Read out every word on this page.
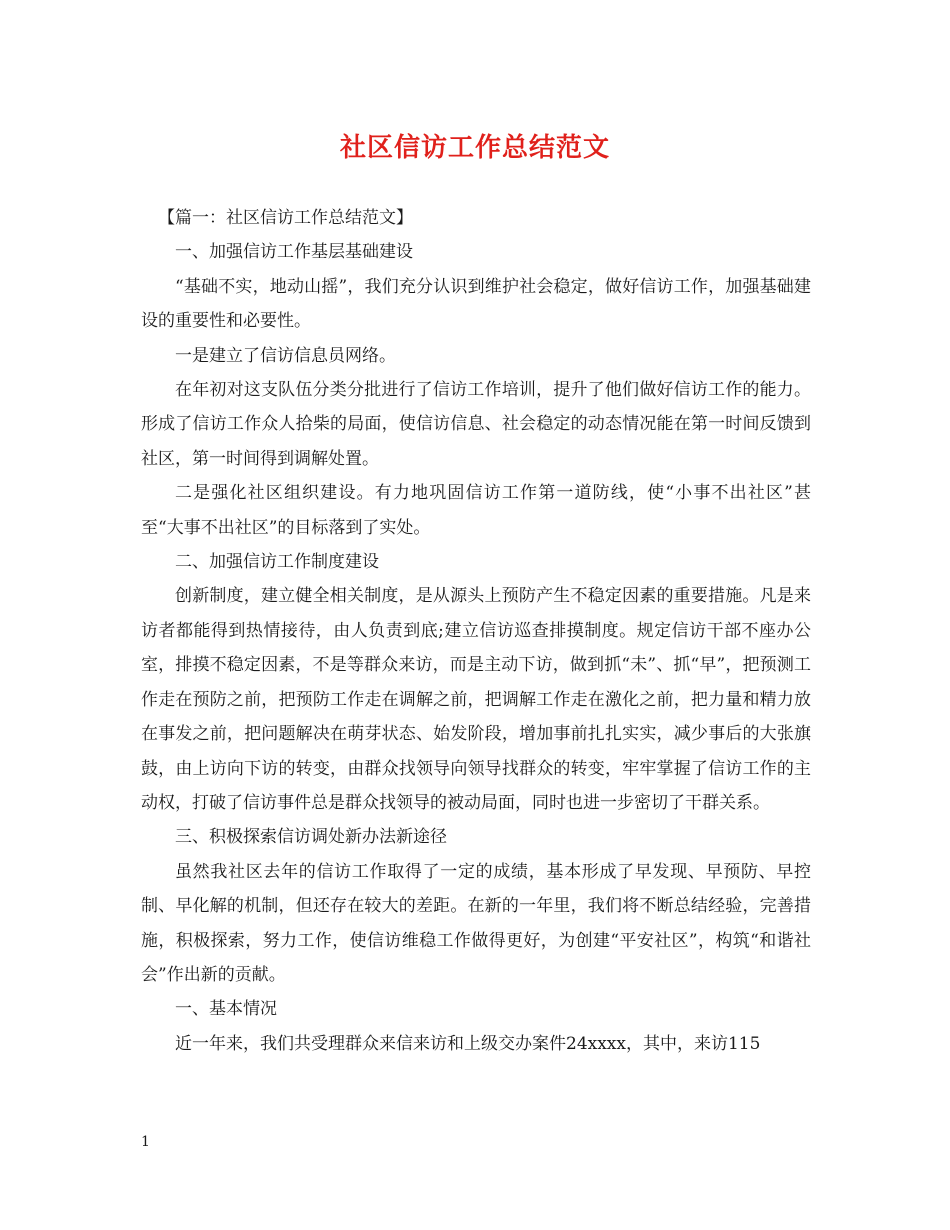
社区信访工作总结范文

【篇一：社区信访工作总结范文】

一、加强信访工作基层基础建设

“基础不实，地动山摇”，我们充分认识到维护社会稳定，做好信访工作，加强基础建设的重要性和必要性。

一是建立了信访信息员网络。

在年初对这支队伍分类分批进行了信访工作培训，提升了他们做好信访工作的能力。形成了信访工作众人拾柴的局面，使信访信息、社会稳定的动态情况能在第一时间反馈到社区，第一时间得到调解处置。

二是强化社区组织建设。有力地巩固信访工作第一道防线，使“小事不出社区”甚至“大事不出社区”的目标落到了实处。

二、加强信访工作制度建设

创新制度，建立健全相关制度，是从源头上预防产生不稳定因素的重要措施。凡是来访者都能得到热情接待，由人负责到底;建立信访巡查排摸制度。规定信访干部不座办公室，排摸不稳定因素，不是等群众来访，而是主动下访，做到抓“未”、抓“早”，把预测工作走在预防之前，把预防工作走在调解之前，把调解工作走在激化之前，把力量和精力放在事发之前，把问题解决在萌芽状态、始发阶段，增加事前扎扎实实，减少事后的大张旗鼓，由上访向下访的转变，由群众找领导向领导找群众的转变，牢牢掌握了信访工作的主动权，打破了信访事件总是群众找领导的被动局面，同时也进一步密切了干群关系。

三、积极探索信访调处新办法新途径

虽然我社区去年的信访工作取得了一定的成绩，基本形成了早发现、早预防、早控制、早化解的机制，但还存在较大的差距。在新的一年里，我们将不断总结经验，完善措施，积极探索，努力工作，使信访维稳工作做得更好，为创建“平安社区”，构筑“和谐社会”作出新的贡献。

一、基本情况

近一年来，我们共受理群众来信来访和上级交办案件24xxxx，其中，来访115

1
